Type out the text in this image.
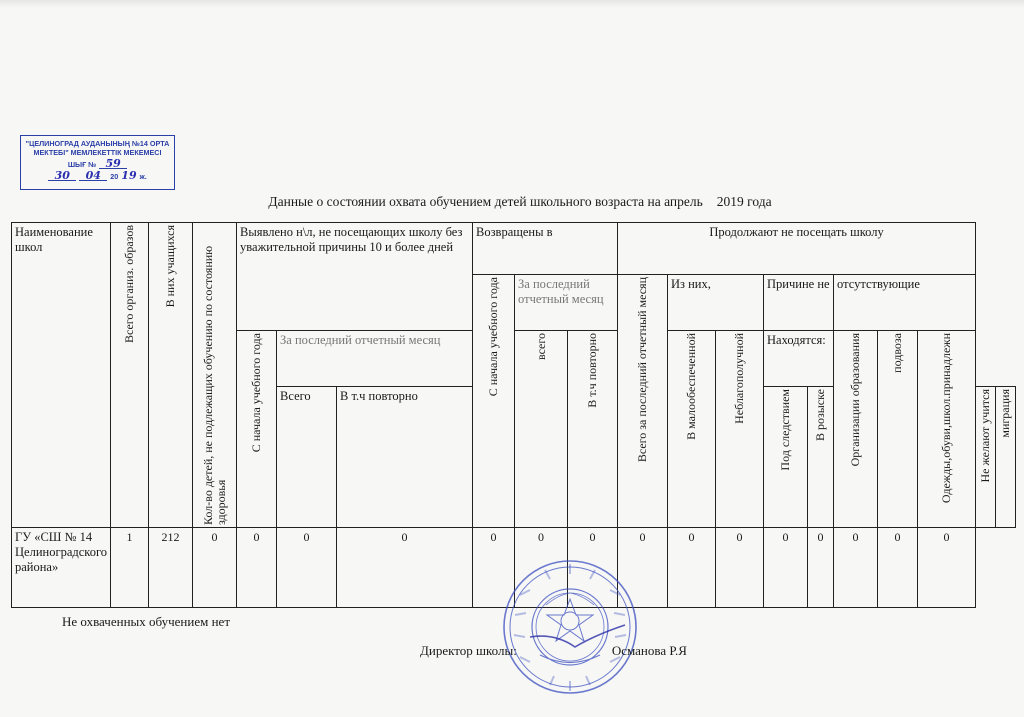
"ЦЕЛИНОГРАД АУДАНЫНЫҢ №14 ОРТА
МЕКТЕБІ" МЕМЛЕКЕТТІК МЕКЕМЕСІ
ШЫҒ № 59
30	04	20 19 ж.
Данные о состоянии охвата обучением детей школьного возраста на апрель 2019 года
Наименование школ	Всего организ. образов	В них учащихся	Кол-во детей, не подлежащих обучению по состоянию здоровья	Выявлено н\л, не посещающих школу без уважительной причины 10 и более дней			Возвращены в			Продолжают не посещать школу									

							С начала учебного года	За последний отчетный месяц		Всего за последний отчетный месяц	Из них,		Причине не		отсутствующие				

				С начала учебного года	За последний отчетный месяц			всего	В т.ч повторно		В малообеспеченной	Неблагополучной	Находятся:		Организации образования	подвоза	Одежды,обуви,школ.принадлежн		

					Всего	В т.ч повторно							Под следствием	В розыске				Не желают учится	миграция

ГУ «СШ № 14 Целиноградского района»	1	212	0	0	0	0	0	0	0	0	0	0	0	0	0	0	0		
Не охваченных обучением нет
Директор школы:	Османова Р.Я
